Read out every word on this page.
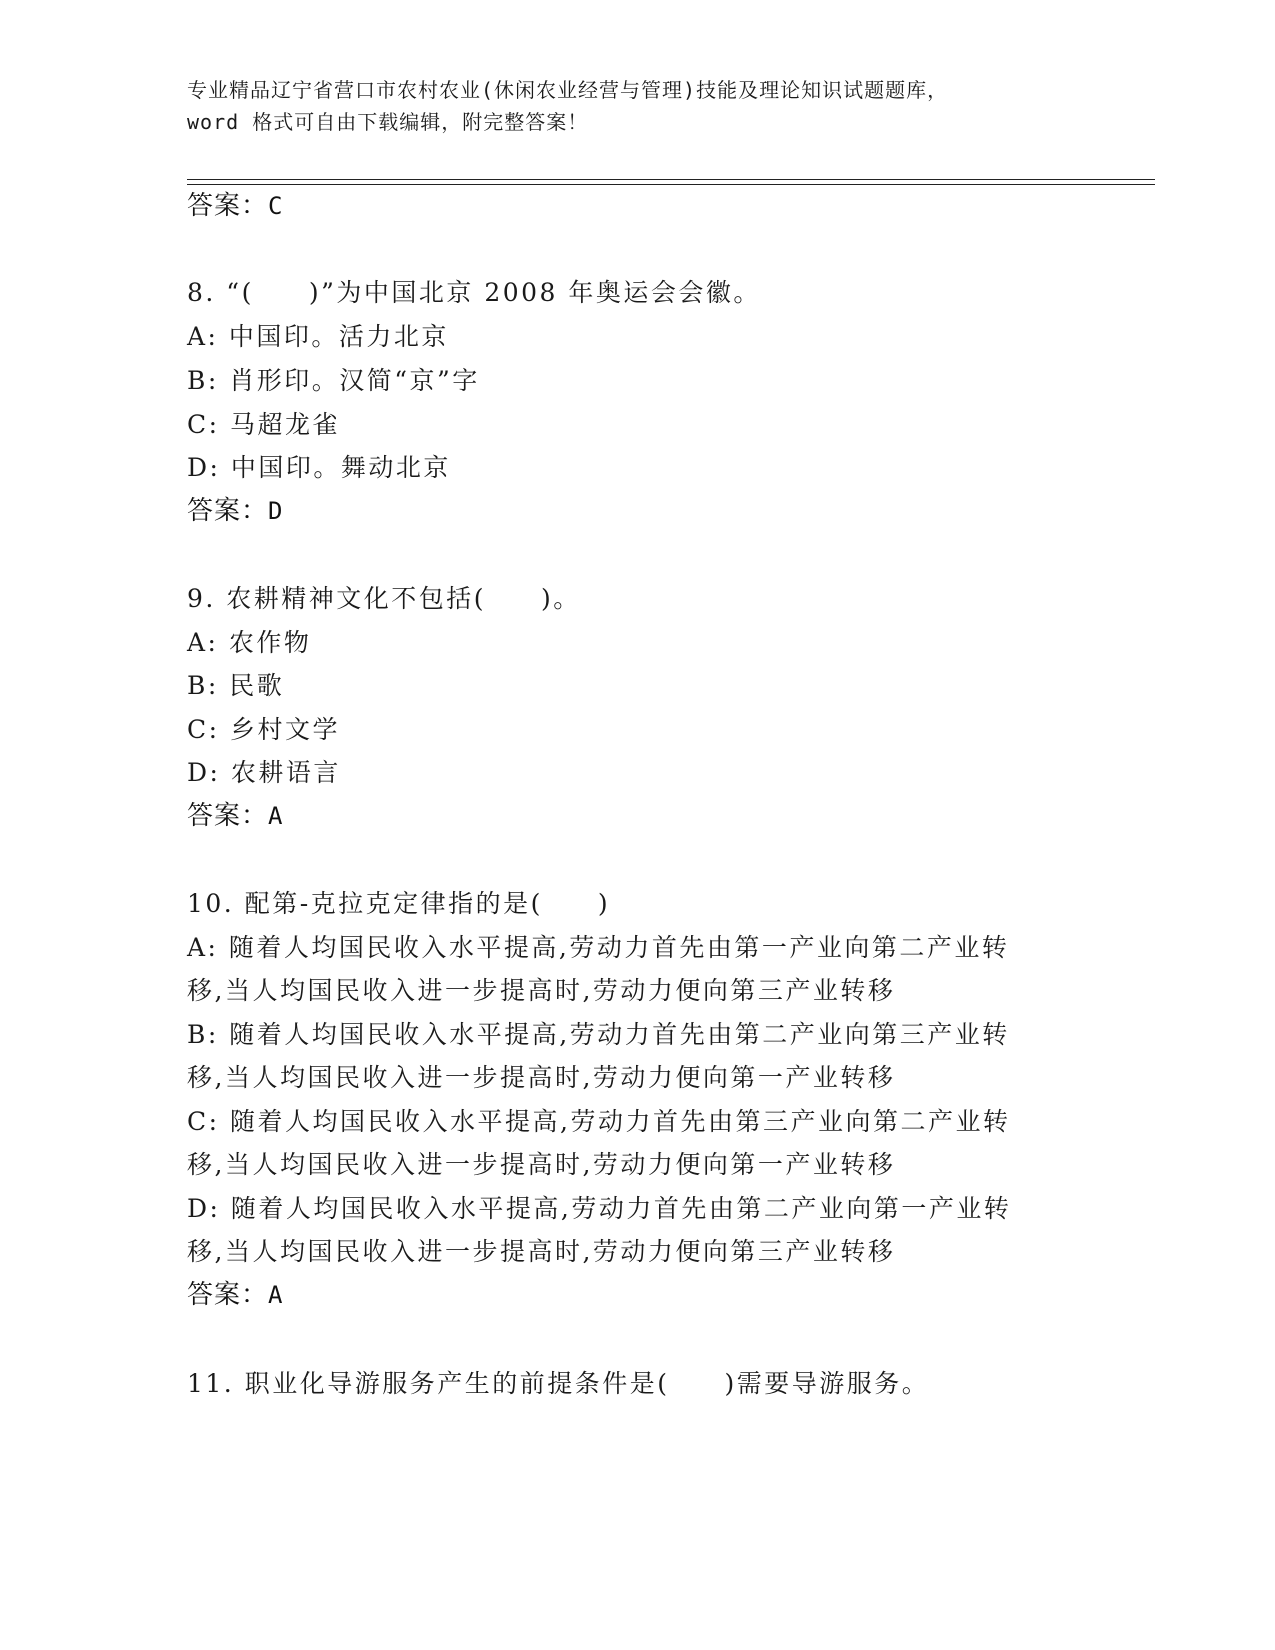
专业精品辽宁省营口市农村农业(休闲农业经营与管理)技能及理论知识试题题库，
word 格式可自由下载编辑，附完整答案！
答案：C
8. “(　　)”为中国北京 2008 年奥运会会徽。
A: 中国印。活力北京
B: 肖形印。汉简“京”字
C: 马超龙雀
D: 中国印。舞动北京
答案：D
9. 农耕精神文化不包括(　　)。
A: 农作物
B: 民歌
C: 乡村文学
D: 农耕语言
答案：A
10. 配第-克拉克定律指的是(　　)
A: 随着人均国民收入水平提高,劳动力首先由第一产业向第二产业转
移,当人均国民收入进一步提高时,劳动力便向第三产业转移
B: 随着人均国民收入水平提高,劳动力首先由第二产业向第三产业转
移,当人均国民收入进一步提高时,劳动力便向第一产业转移
C: 随着人均国民收入水平提高,劳动力首先由第三产业向第二产业转
移,当人均国民收入进一步提高时,劳动力便向第一产业转移
D: 随着人均国民收入水平提高,劳动力首先由第二产业向第一产业转
移,当人均国民收入进一步提高时,劳动力便向第三产业转移
答案：A
11. 职业化导游服务产生的前提条件是(　　)需要导游服务。
